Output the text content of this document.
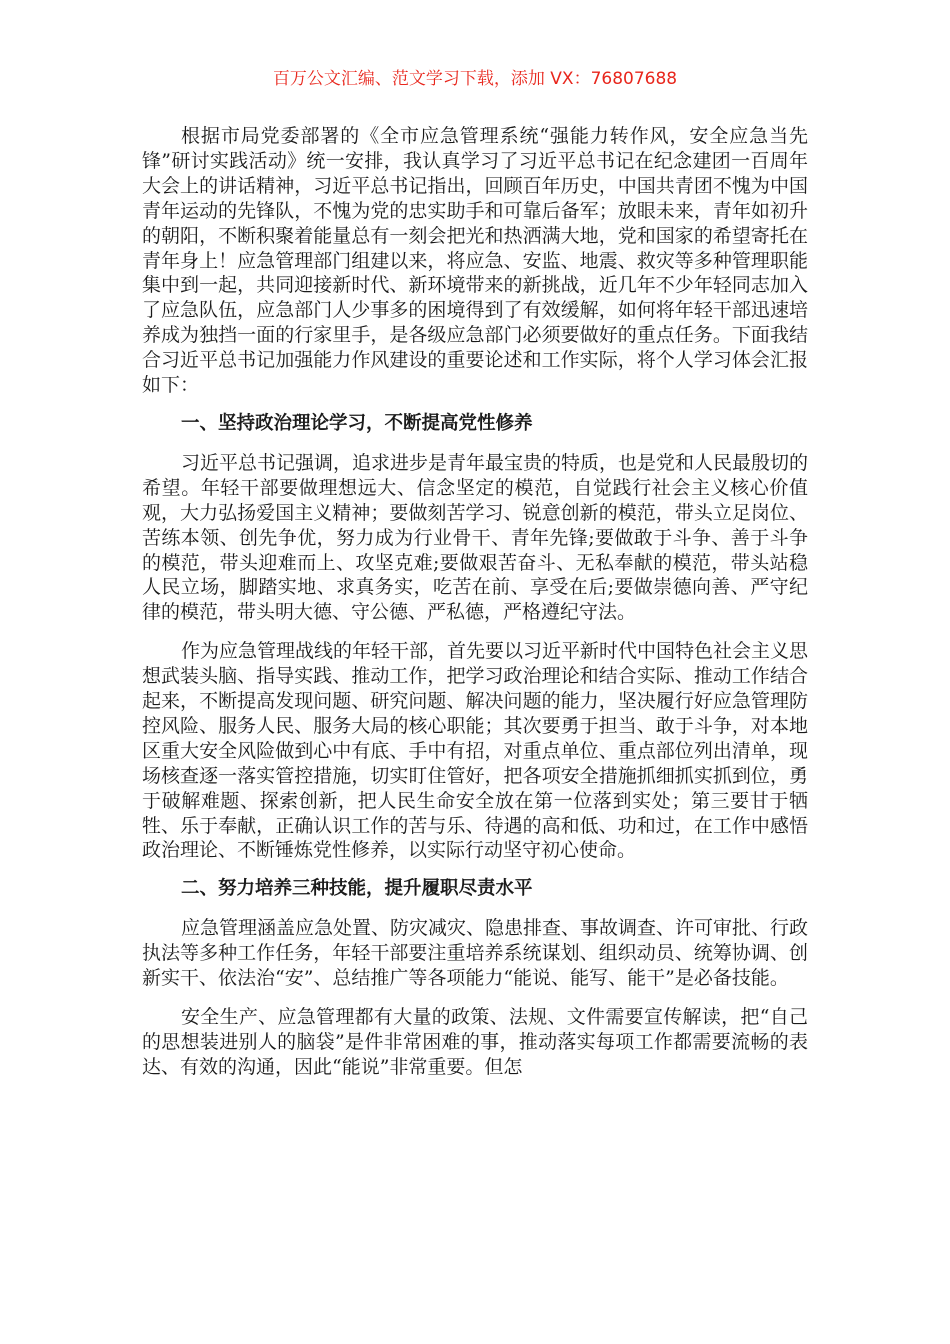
百万公文汇编、范文学习下载，添加 VX：76807688

根据市局党委部署的《全市应急管理系统“强能力转作风，安全应急当先锋”研讨实践活动》统一安排，我认真学习了习近平总书记在纪念建团一百周年大会上的讲话精神，习近平总书记指出，回顾百年历史，中国共青团不愧为中国青年运动的先锋队，不愧为党的忠实助手和可靠后备军；放眼未来，青年如初升的朝阳，不断积聚着能量总有一刻会把光和热洒满大地，党和国家的希望寄托在青年身上！应急管理部门组建以来，将应急、安监、地震、救灾等多种管理职能集中到一起，共同迎接新时代、新环境带来的新挑战，近几年不少年轻同志加入了应急队伍，应急部门人少事多的困境得到了有效缓解，如何将年轻干部迅速培养成为独挡一面的行家里手，是各级应急部门必须要做好的重点任务。下面我结合习近平总书记加强能力作风建设的重要论述和工作实际，将个人学习体会汇报如下：

一、坚持政治理论学习，不断提高党性修养

习近平总书记强调，追求进步是青年最宝贵的特质，也是党和人民最殷切的希望。年轻干部要做理想远大、信念坚定的模范，自觉践行社会主义核心价值观，大力弘扬爱国主义精神；要做刻苦学习、锐意创新的模范，带头立足岗位、苦练本领、创先争优，努力成为行业骨干、青年先锋;要做敢于斗争、善于斗争的模范，带头迎难而上、攻坚克难;要做艰苦奋斗、无私奉献的模范，带头站稳人民立场，脚踏实地、求真务实，吃苦在前、享受在后;要做崇德向善、严守纪律的模范，带头明大德、守公德、严私德，严格遵纪守法。

作为应急管理战线的年轻干部，首先要以习近平新时代中国特色社会主义思想武装头脑、指导实践、推动工作，把学习政治理论和结合实际、推动工作结合起来，不断提高发现问题、研究问题、解决问题的能力，坚决履行好应急管理防控风险、服务人民、服务大局的核心职能；其次要勇于担当、敢于斗争，对本地区重大安全风险做到心中有底、手中有招，对重点单位、重点部位列出清单，现场核查逐一落实管控措施，切实盯住管好，把各项安全措施抓细抓实抓到位，勇于破解难题、探索创新，把人民生命安全放在第一位落到实处；第三要甘于牺牲、乐于奉献，正确认识工作的苦与乐、待遇的高和低、功和过，在工作中感悟政治理论、不断锤炼党性修养，以实际行动坚守初心使命。

二、努力培养三种技能，提升履职尽责水平

应急管理涵盖应急处置、防灾减灾、隐患排查、事故调查、许可审批、行政执法等多种工作任务，年轻干部要注重培养系统谋划、组织动员、统筹协调、创新实干、依法治“安”、总结推广等各项能力“能说、能写、能干”是必备技能。

安全生产、应急管理都有大量的政策、法规、文件需要宣传解读，把“自己的思想装进别人的脑袋”是件非常困难的事，推动落实每项工作都需要流畅的表达、有效的沟通，因此“能说”非常重要。但怎
